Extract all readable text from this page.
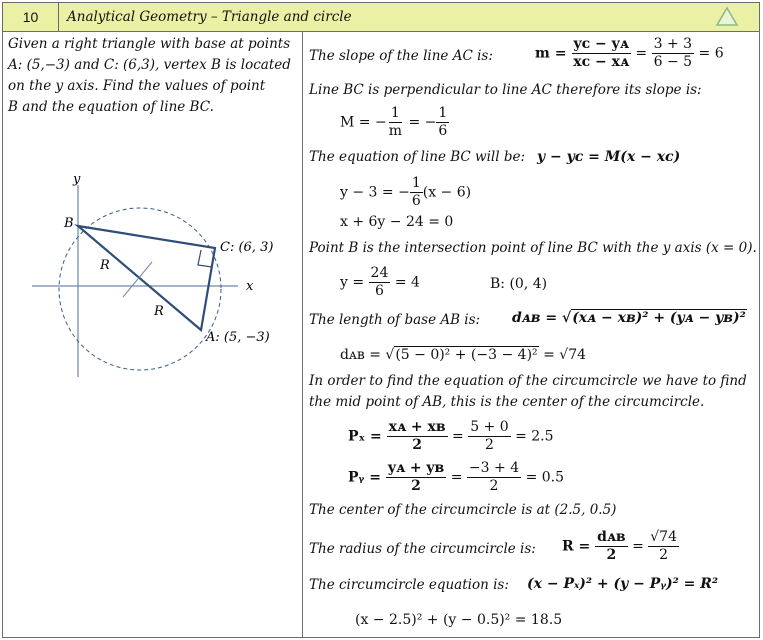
10	Analytical Geometry – Triangle and circle
Given a right triangle with base at points
A: (5,−3) and C: (6,3), vertex B is located
on the y axis. Find the values of point
B and the equation of line BC.
y
x
B
C: (6, 3)
A: (5, −3)
R
R
The slope of the line AC is:	$m = \frac{\text{yᴄ − yᴀ}}{\text{xᴄ − xᴀ}} = \frac{3 + 3}{6 - 5} = 6$
Line BC is perpendicular to line AC therefore its slope is:
M = − $\frac{1}{m}$ = − $\frac{1}{6}$
The equation of line BC will be: y − yᴄ = M(x − xᴄ)
y − 3 = − $\frac{1}{6} (x - 6)$
x + 6y − 24 = 0
Point B is the intersection point of line BC with the y axis (x = 0).
$y = \frac{24}{6} = 4$	B: (0, 4)
The length of base AB is: dᴀʙ = √(xᴀ − xʙ)² + (yᴀ − yʙ)²
dᴀʙ = √(5 − 0)² + (−3 − 4)² = √74
In order to find the equation of the circumcircle we have to find
the mid point of AB, this is the center of the circumcircle.
$P_x = \frac{\text{xᴀ + xʙ}}{2} = \frac{5 + 0}{2} = 2.5$
Pᵧ = $\frac{\text{yᴀ + yʙ}}{2} = \frac{-3 + 4}{2} = 0.5$
The center of the circumcircle is at (2.5, 0.5)
The radius of the circumcircle is: $R = \frac{\text{dᴀʙ}}{2} = \frac{√74}{2}$
The circumcircle equation is: (x − Pₓ)² + (y − Pᵧ)² = R²
(x − 2.5)² + (y − 0.5)² = 18.5
